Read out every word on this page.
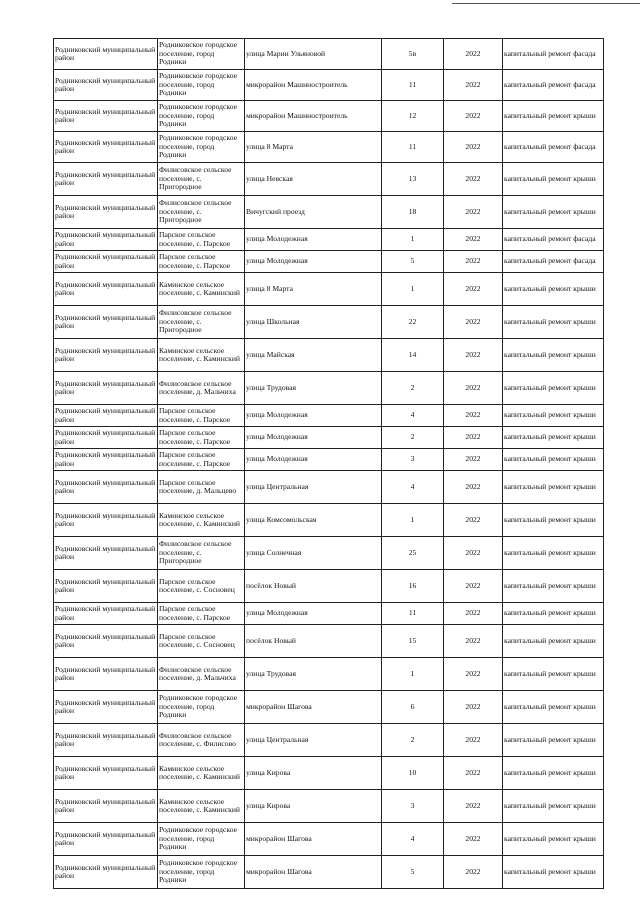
Родниковский муниципальный район	Родниковское городское поселение, город Родники	улица Марии Ульяновой	5в	2022	капитальный ремонт фасада
Родниковский муниципальный район	Родниковское городское поселение, город Родники	микрорайон Машиностроитель	11	2022	капитальный ремонт фасада
Родниковский муниципальный район	Родниковское городское поселение, город Родники	микрорайон Машиностроитель	12	2022	капитальный ремонт крыши
Родниковский муниципальный район	Родниковское городское поселение, город Родники	улица 8 Марта	11	2022	капитальный ремонт фасада
Родниковский муниципальный район	Филисовское сельское поселение, с. Пригородное	улица Невская	13	2022	капитальный ремонт крыши
Родниковский муниципальный район	Филисовское сельское поселение, с. Пригородное	Вичугский проезд	18	2022	капитальный ремонт крыши
Родниковский муниципальный район	Парское сельское поселение, с. Парское	улица Молодежная	1	2022	капитальный ремонт фасада
Родниковский муниципальный район	Парское сельское поселение, с. Парское	улица Молодежная	5	2022	капитальный ремонт фасада
Родниковский муниципальный район	Каминское сельское поселение, с. Каминский	улица 8 Марта	1	2022	капитальный ремонт крыши
Родниковский муниципальный район	Филисовское сельское поселение, с. Пригородное	улица Школьная	22	2022	капитальный ремонт крыши
Родниковский муниципальный район	Каминское сельское поселение, с. Каминский	улица Майская	14	2022	капитальный ремонт крыши
Родниковский муниципальный район	Филисовское сельское поселение, д. Мальчиха	улица Трудовая	2	2022	капитальный ремонт крыши
Родниковский муниципальный район	Парское сельское поселение, с. Парское	улица Молодежная	4	2022	капитальный ремонт крыши
Родниковский муниципальный район	Парское сельское поселение, с. Парское	улица Молодежная	2	2022	капитальный ремонт крыши
Родниковский муниципальный район	Парское сельское поселение, с. Парское	улица Молодежная	3	2022	капитальный ремонт крыши
Родниковский муниципальный район	Парское сельское поселение, д. Мальцево	улица Центральная	4	2022	капитальный ремонт крыши
Родниковский муниципальный район	Каминское сельское поселение, с. Каминский	улица Комсомольская	1	2022	капитальный ремонт крыши
Родниковский муниципальный район	Филисовское сельское поселение, с. Пригородное	улица Солнечная	25	2022	капитальный ремонт крыши
Родниковский муниципальный район	Парское сельское поселение, с. Сосновец	посёлок Новый	16	2022	капитальный ремонт крыши
Родниковский муниципальный район	Парское сельское поселение, с. Парское	улица Молодежная	11	2022	капитальный ремонт крыши
Родниковский муниципальный район	Парское сельское поселение, с. Сосновец	посёлок Новый	15	2022	капитальный ремонт крыши
Родниковский муниципальный район	Филисовское сельское поселение, д. Мальчиха	улица Трудовая	1	2022	капитальный ремонт крыши
Родниковский муниципальный район	Родниковское городское поселение, город Родники	микрорайон Шагова	6	2022	капитальный ремонт крыши
Родниковский муниципальный район	Филисовское сельское поселение, с. Филисово	улица Центральная	2	2022	капитальный ремонт крыши
Родниковский муниципальный район	Каминское сельское поселение, с. Каминский	улица Кирова	10	2022	капитальный ремонт крыши
Родниковский муниципальный район	Каминское сельское поселение, с. Каминский	улица Кирова	3	2022	капитальный ремонт крыши
Родниковский муниципальный район	Родниковское городское поселение, город Родники	микрорайон Шагова	4	2022	капитальный ремонт крыши
Родниковский муниципальный район	Родниковское городское поселение, город Родники	микрорайон Шагова	5	2022	капитальный ремонт крыши
